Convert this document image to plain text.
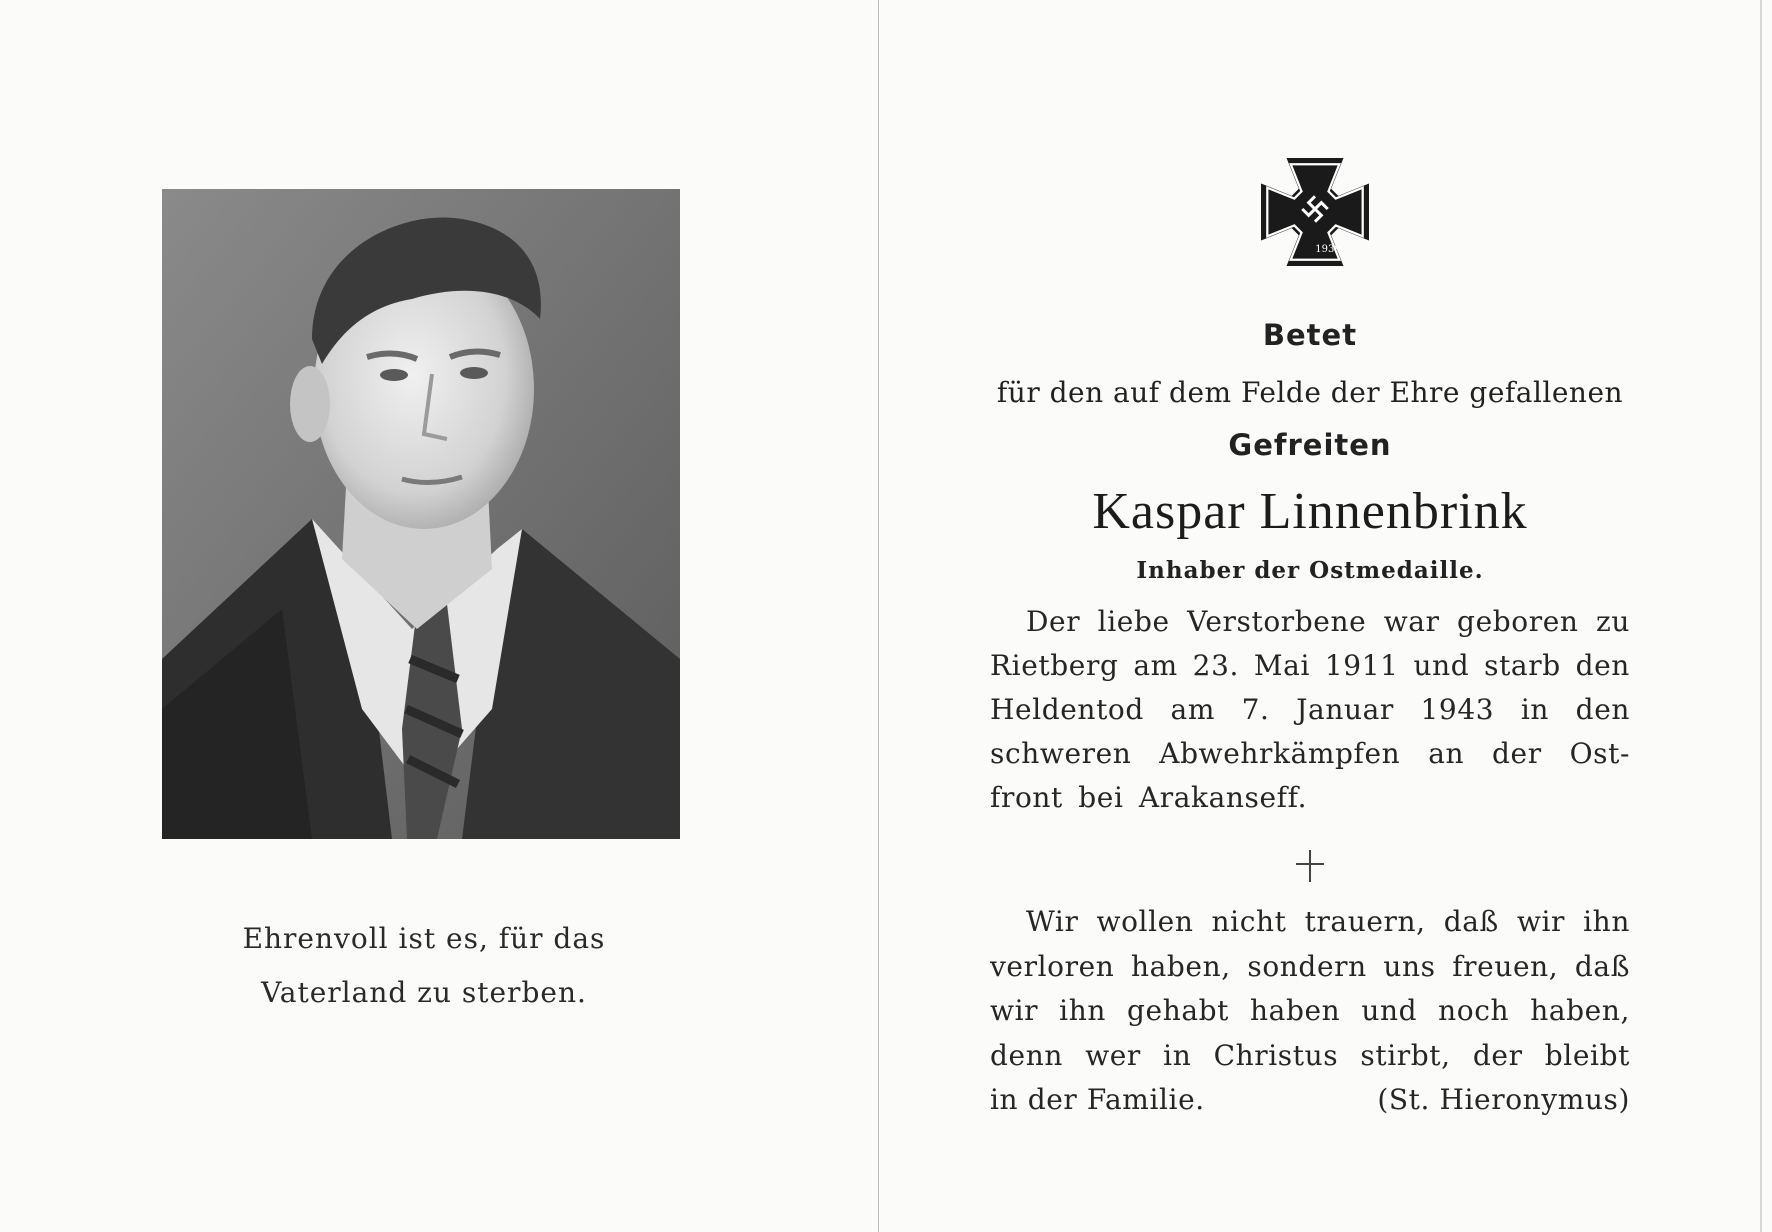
Ehrenvoll ist es, für das
Vaterland zu sterben.
1939
Betet
für den auf dem Felde der Ehre gefallenen
Gefreiten
Kaspar Linnenbrink
Inhaber der Ostmedaille.
Der liebe Verstorbene war geboren zu
Rietberg am 23. Mai 1911 und starb den
Heldentod am 7. Januar 1943 in den
schweren Abwehrkämpfen an der Ost-
front bei Arakanseff.
Wir wollen nicht trauern, daß wir ihn
verloren haben, sondern uns freuen, daß
wir ihn gehabt haben und noch haben,
denn wer in Christus stirbt, der bleibt
in der Familie.	(St. Hieronymus)
